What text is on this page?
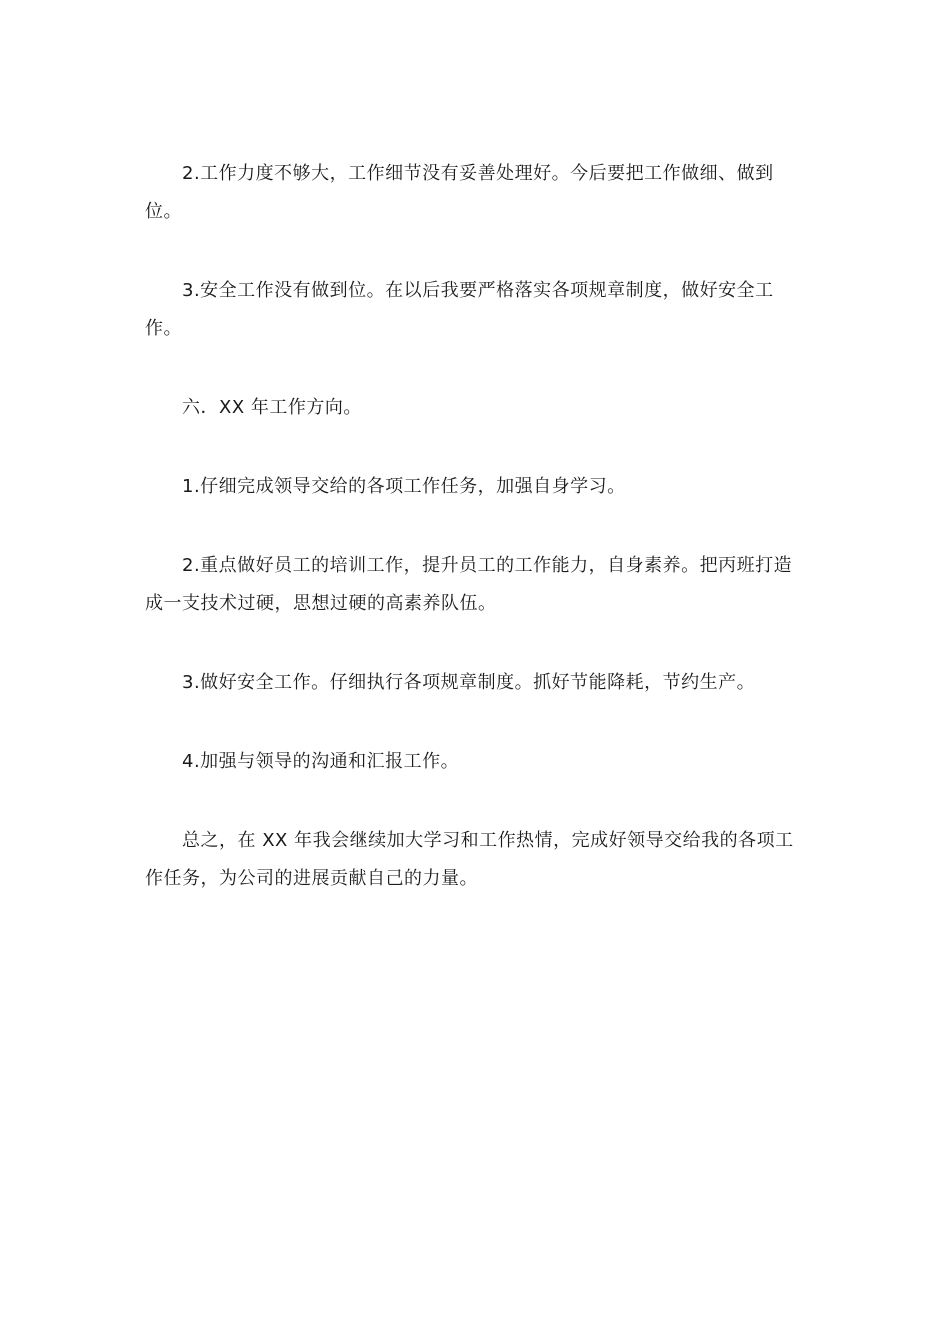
2.工作力度不够大，工作细节没有妥善处理好。今后要把工作做细、做到位。

3.安全工作没有做到位。在以后我要严格落实各项规章制度，做好安全工作。

六．XX 年工作方向。

1.仔细完成领导交给的各项工作任务，加强自身学习。

2.重点做好员工的培训工作，提升员工的工作能力，自身素养。把丙班打造成一支技术过硬，思想过硬的高素养队伍。

3.做好安全工作。仔细执行各项规章制度。抓好节能降耗，节约生产。

4.加强与领导的沟通和汇报工作。

总之，在 XX 年我会继续加大学习和工作热情，完成好领导交给我的各项工作任务，为公司的进展贡献自己的力量。
